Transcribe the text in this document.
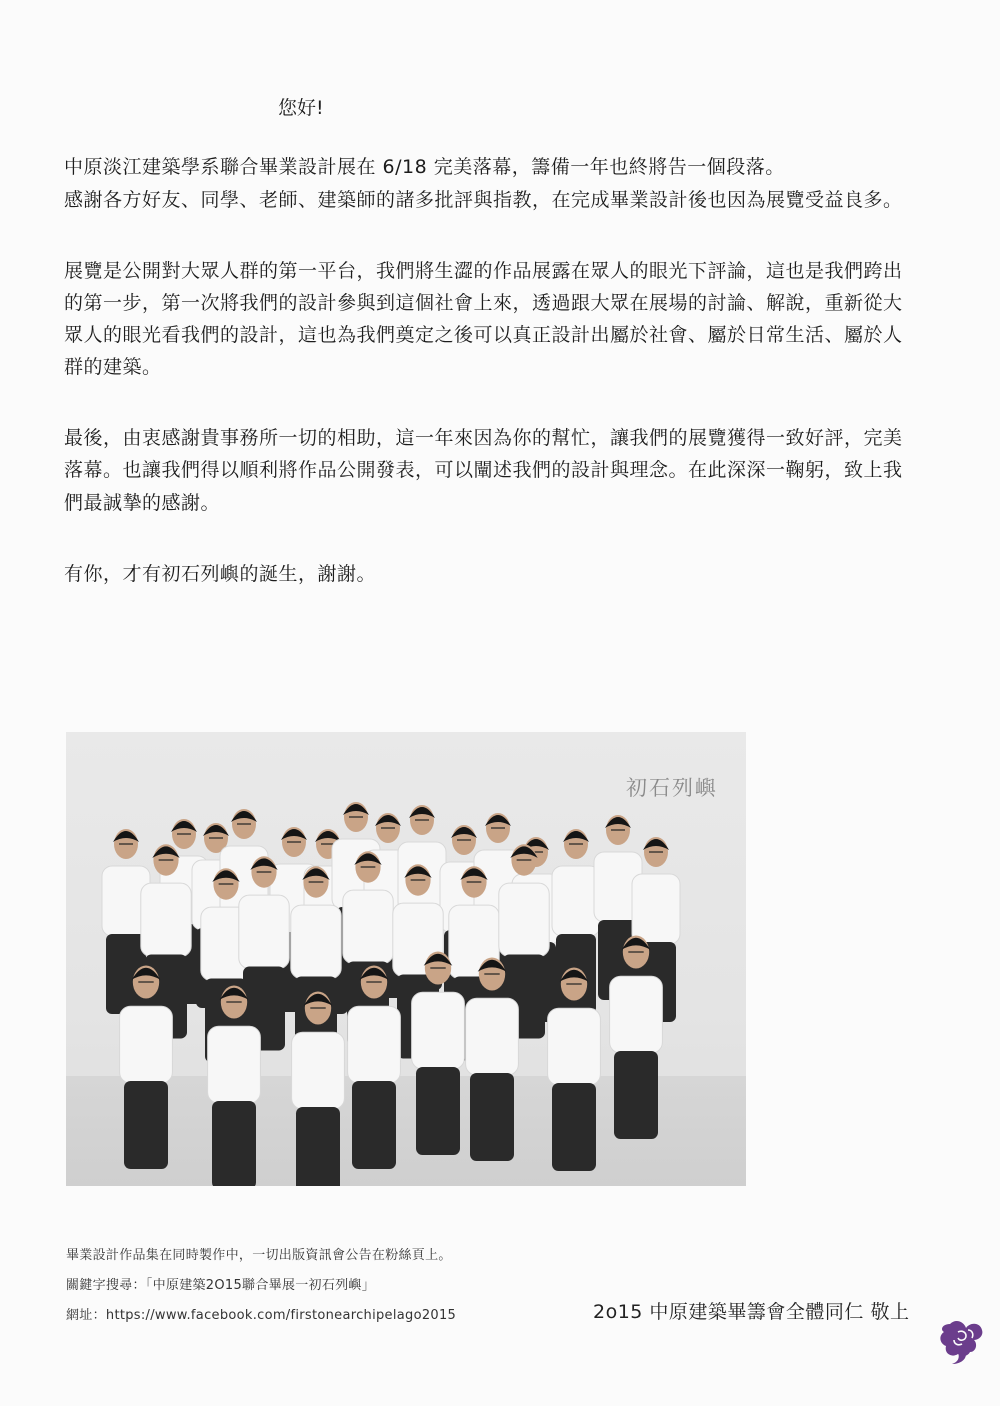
您好!
中原淡江建築學系聯合畢業設計展在 6/18 完美落幕，籌備一年也終將告一個段落。
感謝各方好友、同學、老師、建築師的諸多批評與指教，在完成畢業設計後也因為展覽受益良多。
展覽是公開對大眾人群的第一平台，我們將生澀的作品展露在眾人的眼光下評論，這也是我們跨出
的第一步，第一次將我們的設計參與到這個社會上來，透過跟大眾在展場的討論、解說，重新從大
眾人的眼光看我們的設計，這也為我們奠定之後可以真正設計出屬於社會、屬於日常生活、屬於人
群的建築。
最後，由衷感謝貴事務所一切的相助，這一年來因為你的幫忙，讓我們的展覽獲得一致好評，完美
落幕。也讓我們得以順利將作品公開發表，可以闡述我們的設計與理念。在此深深一鞠躬，致上我
們最誠摯的感謝。
有你，才有初石列嶼的誕生，謝謝。
初石列嶼
畢業設計作品集在同時製作中，一切出版資訊會公告在粉絲頁上。
關鍵字搜尋：「中原建築2O15聯合畢展一初石列嶼」
網址：https://www.facebook.com/firstonearchipelago2015	2o15 中原建築畢籌會全體同仁 敬上
